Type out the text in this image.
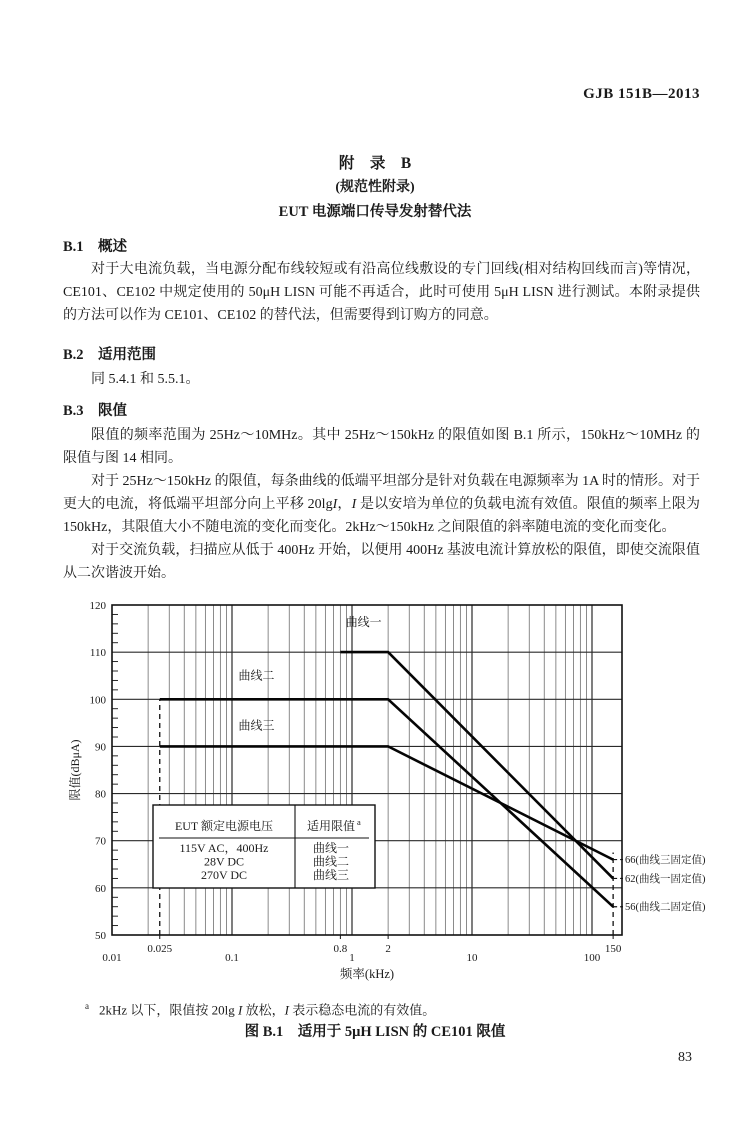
GJB 151B—2013
附　录　B
(规范性附录)
EUT 电源端口传导发射替代法
B.1　概述

对于大电流负载，当电源分配布线较短或有沿高位线敷设的专门回线(相对结构回线而言)等情况，CE101、CE102 中规定使用的 50μH LISN 可能不再适合，此时可使用 5μH LISN 进行测试。本附录提供的方法可以作为 CE101、CE102 的替代法，但需要得到订购方的同意。

B.2　适用范围

同 5.4.1 和 5.5.1。

B.3　限值

限值的频率范围为 25Hz～10MHz。其中 25Hz～150kHz 的限值如图 B.1 所示，150kHz～10MHz 的限值与图 14 相同。

对于 25Hz～150kHz 的限值，每条曲线的低端平坦部分是针对负载在电源频率为 1A 时的情形。对于更大的电流，将低端平坦部分向上平移 20lgI，I 是以安培为单位的负载电流有效值。限值的频率上限为 150kHz，其限值大小不随电流的变化而变化。2kHz～150kHz 之间限值的斜率随电流的变化而变化。

对于交流负载，扫描应从低于 400Hz 开始，以便用 400Hz 基波电流计算放松的限值，即使交流限值从二次谐波开始。

EUT 额定电源电压	适用限值 a
115V AC，400Hz	曲线一
28V DC	曲线二
270V DC	曲线三
曲线一
曲线二
曲线三
50
60
70
80
90
100
110
120
0.01
0.025
0.1
0.8
1
2
10	100
150
66(曲线三固定值)
62(曲线一固定值)
56(曲线二固定值)
频率(kHz)
限值(dBμA)
$^a$ 2kHz 以下，限值按 20lg I 放松，I 表示稳态电流的有效值。
图 B.1　适用于 5μH LISN 的 CE101 限值
83
